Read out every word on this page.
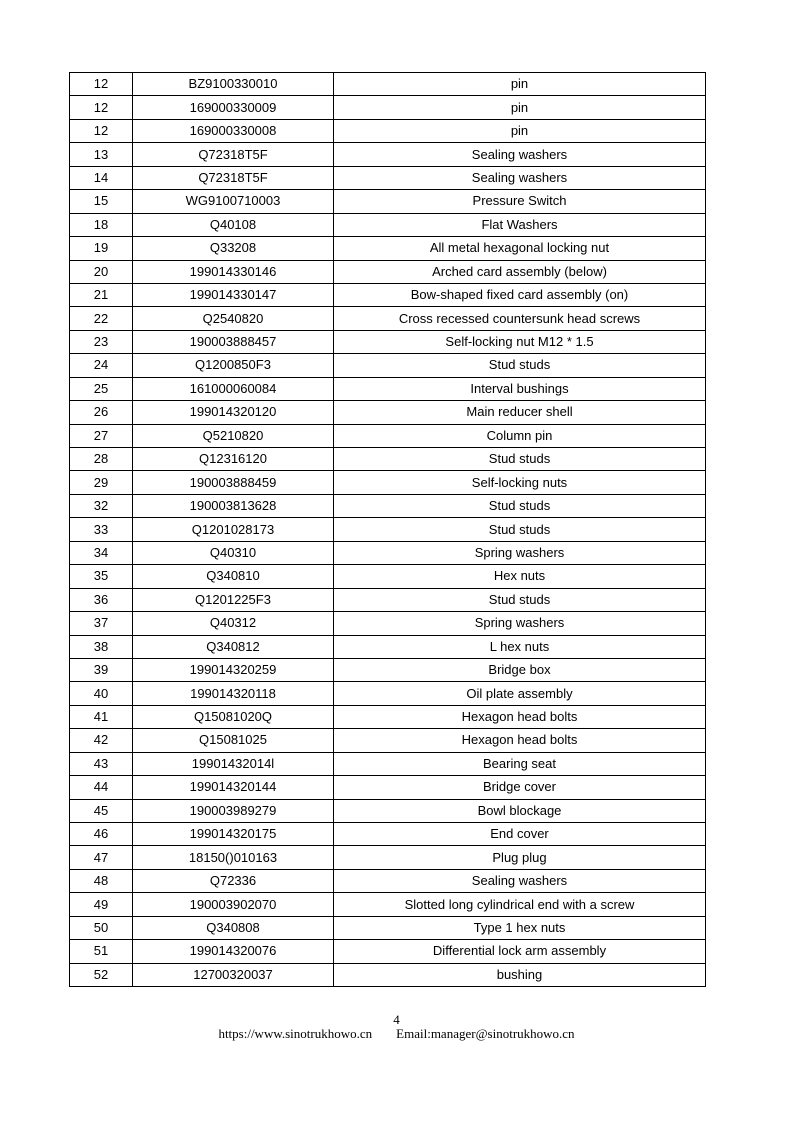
12	BZ9100330010	pin
12	169000330009	pin
12	169000330008	pin
13	Q72318T5F	Sealing washers
14	Q72318T5F	Sealing washers
15	WG9100710003	Pressure Switch
18	Q40108	Flat Washers
19	Q33208	All metal hexagonal locking nut
20	199014330146	Arched card assembly (below)
21	199014330147	Bow-shaped fixed card assembly (on)
22	Q2540820	Cross recessed countersunk head screws
23	190003888457	Self-locking nut M12 * 1.5
24	Q1200850F3	Stud studs
25	161000060084	Interval bushings
26	199014320120	Main reducer shell
27	Q5210820	Column pin
28	Q12316120	Stud studs
29	190003888459	Self-locking nuts
32	190003813628	Stud studs
33	Q1201028173	Stud studs
34	Q40310	Spring washers
35	Q340810	Hex nuts
36	Q1201225F3	Stud studs
37	Q40312	Spring washers
38	Q340812	L hex nuts
39	199014320259	Bridge box
40	199014320118	Oil plate assembly
41	Q15081020Q	Hexagon head bolts
42	Q15081025	Hexagon head bolts
43	19901432014l	Bearing seat
44	199014320144	Bridge cover
45	190003989279	Bowl blockage
46	199014320175	End cover
47	18150()010163	Plug plug
48	Q72336	Sealing washers
49	190003902070	Slotted long cylindrical end with a screw
50	Q340808	Type 1 hex nuts
51	199014320076	Differential lock arm assembly
52	12700320037	bushing
4
https://www.sinotrukhowo.cn Email:manager@sinotrukhowo.cn
